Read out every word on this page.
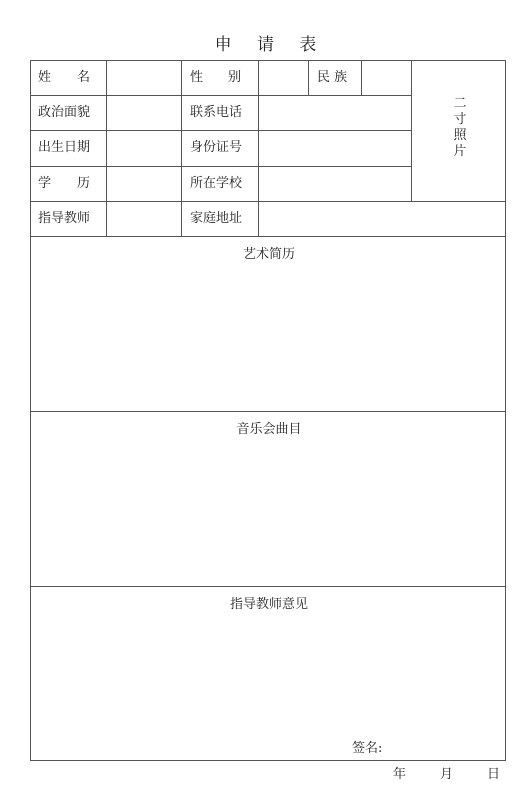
申 请 表
姓 名	性 别	民 族
政治面貌	联系电话
出生日期	身份证号
学 历	所在学校
二寸照片
指导教师	家庭地址
艺术简历
音乐会曲目
指导教师意见
签名:
年	月	日
